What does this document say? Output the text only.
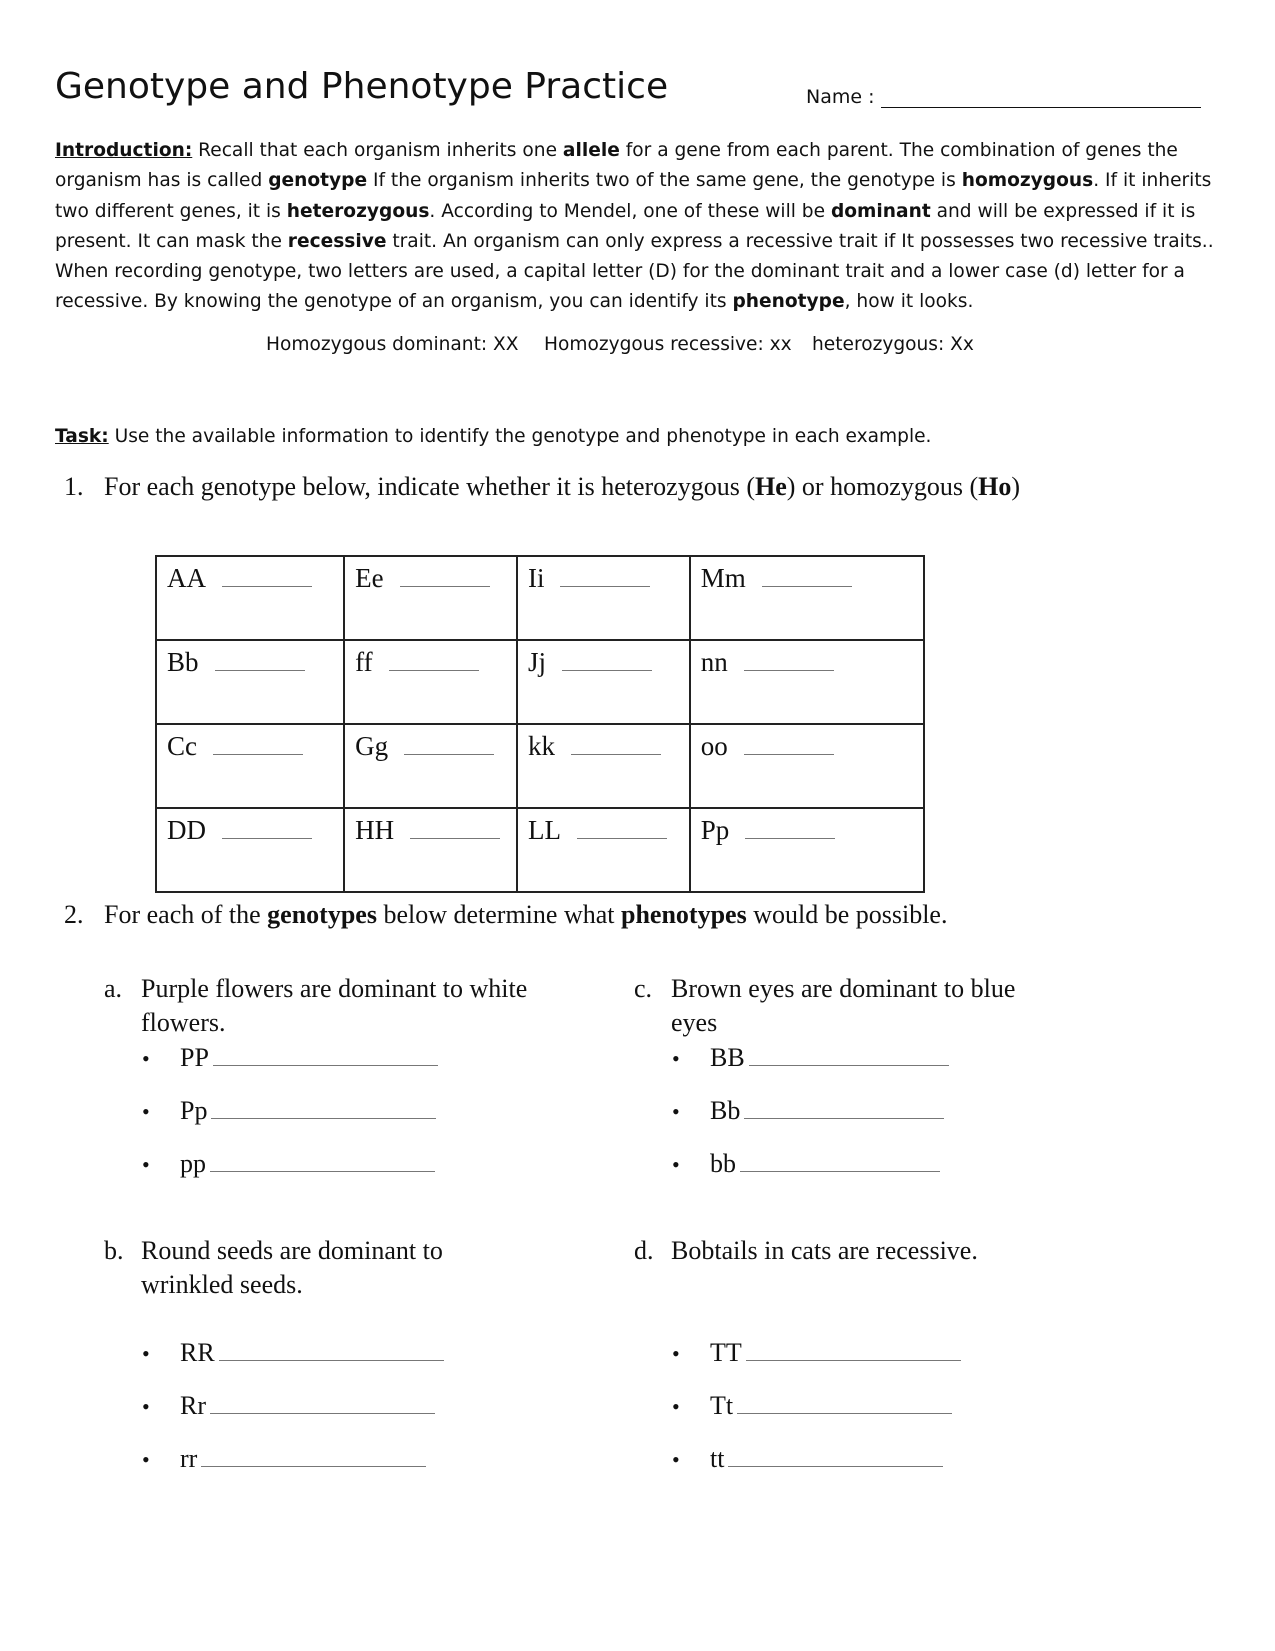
Genotype and Phenotype Practice	Name :
Introduction: Recall that each organism inherits one allele for a gene from each parent. The combination of genes the organism has is called genotype If the organism inherits two of the same gene, the genotype is homozygous. If it inherits two different genes, it is heterozygous. According to Mendel, one of these will be dominant and will be expressed if it is present. It can mask the recessive trait. An organism can only express a recessive trait if It possesses two recessive traits.. When recording genotype, two letters are used, a capital letter (D) for the dominant trait and a lower case (d) letter for a recessive. By knowing the genotype of an organism, you can identify its phenotype, how it looks.
Homozygous dominant: XX Homozygous recessive: xx heterozygous: Xx
Task: Use the available information to identify the genotype and phenotype in each example.
1. For each genotype below, indicate whether it is heterozygous (He) or homozygous (Ho)
AA	Ee	Ii	Mm
Bb	ff	Jj	nn
Cc	Gg	kk	oo
DD	HH	LL	Pp
2. For each of the genotypes below determine what phenotypes would be possible.
a. Purple flowers are dominant to white
flowers.
• PP
• Pp
• pp
c. Brown eyes are dominant to blue
eyes
• BB
• Bb
• bb
b. Round seeds are dominant to
wrinkled seeds.
• RR
• Rr
• rr
d. Bobtails in cats are recessive.
• TT
• Tt
• tt
